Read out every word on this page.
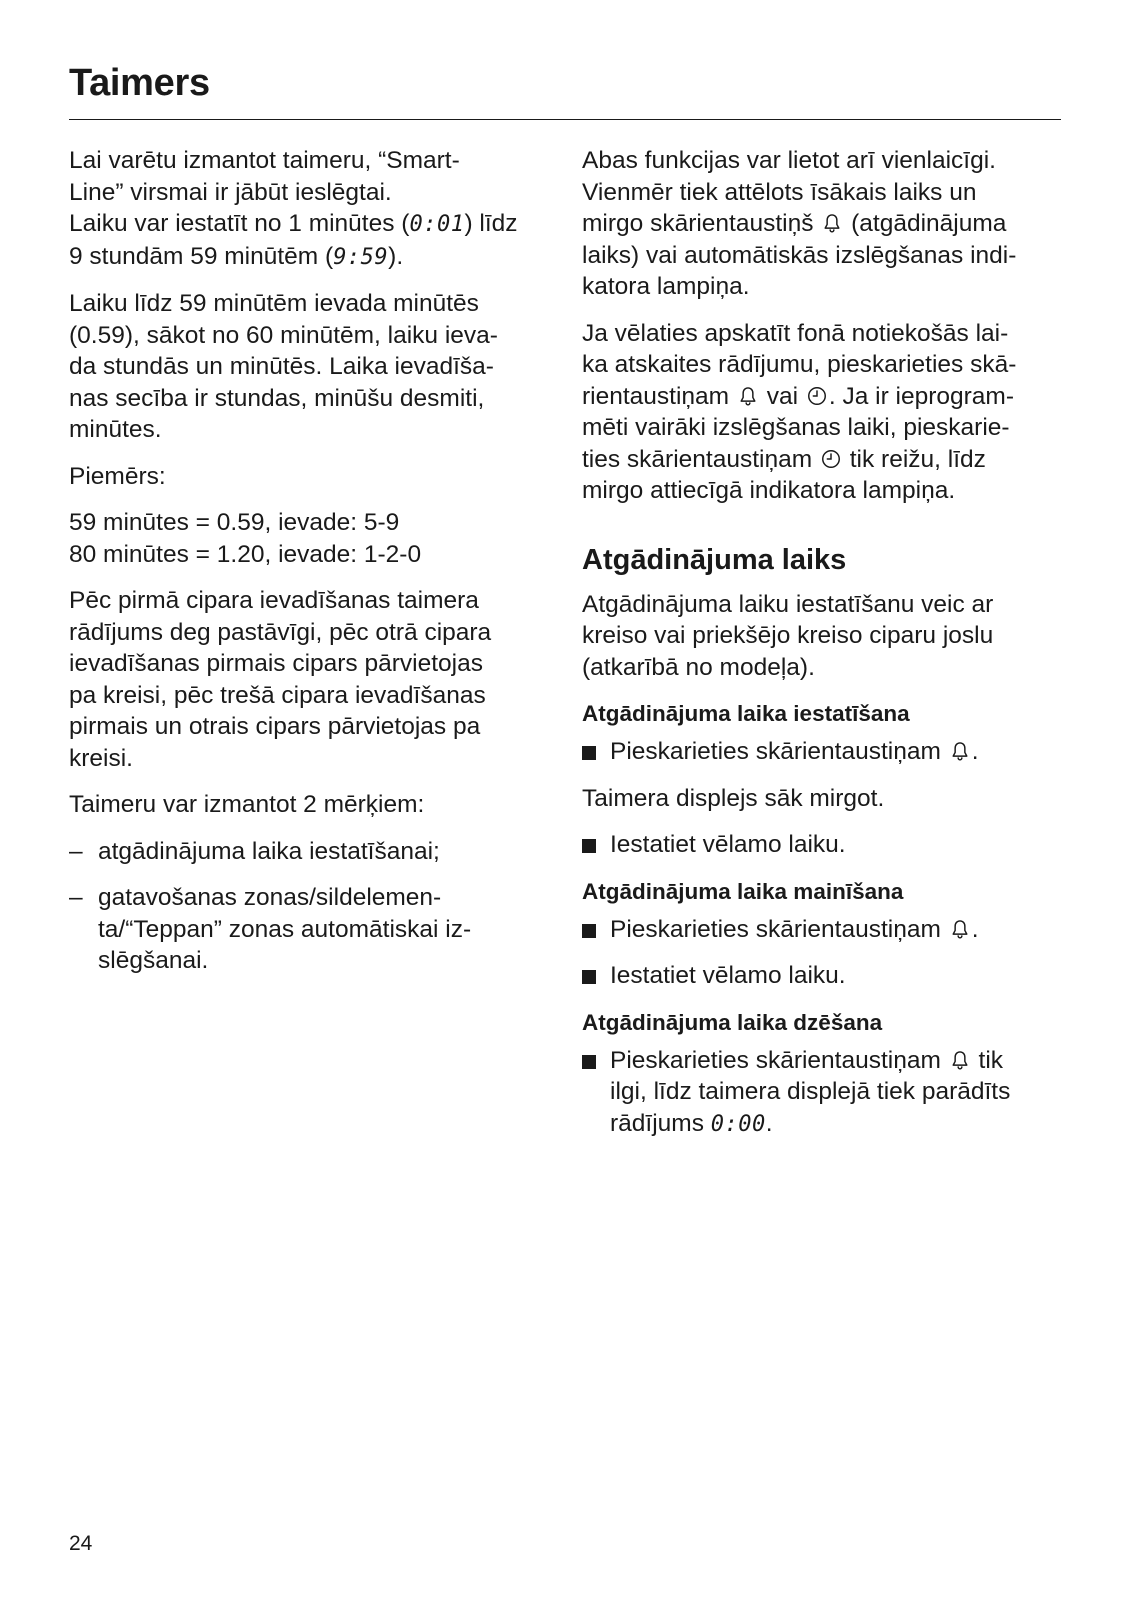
Taimers

Lai varētu izmantot taimeru, “Smart-
Line” virsmai ir jābūt ieslēgtai.
Laiku var iestatīt no 1 minūtes (0:01) līdz
9 stundām 59 minūtēm (9:59).

Laiku līdz 59 minūtēm ievada minūtēs
(0.59), sākot no 60 minūtēm, laiku ieva-
da stundās un minūtēs. Laika ievadīša-
nas secība ir stundas, minūšu desmiti,
minūtes.

Piemērs:

59 minūtes = 0.59, ievade: 5-9
80 minūtes = 1.20, ievade: 1-2-0

Pēc pirmā cipara ievadīšanas taimera
rādījums deg pastāvīgi, pēc otrā cipara
ievadīšanas pirmais cipars pārvietojas
pa kreisi, pēc trešā cipara ievadīšanas
pirmais un otrais cipars pārvietojas pa
kreisi.

Taimeru var izmantot 2 mērķiem:

– atgādinājuma laika iestatīšanai;
– gatavošanas zonas/sildelemen-
ta/“Teppan” zonas automātiskai iz-
slēgšanai.

Abas funkcijas var lietot arī vienlaicīgi.
Vienmēr tiek attēlots īsākais laiks un
mirgo skārientaustiņš
(atgādinājuma
laiks) vai automātiskās izslēgšanas indi-
katora lampiņa.

Ja vēlaties apskatīt fonā notiekošās lai-
ka atskaites rādījumu, pieskarieties skā-
rientaustiņam
vai
. Ja ir ieprogram-
mēti vairāki izslēgšanas laiki, pieskarie-
ties skārientaustiņam
tik reižu, līdz
mirgo attiecīgā indikatora lampiņa.

Atgādinājuma laiks

Atgādinājuma laiku iestatīšanu veic ar
kreiso vai priekšējo kreiso ciparu joslu
(atkarībā no modeļa).

Atgādinājuma laika iestatīšana
Pieskarieties skārientaustiņam
.

Taimera displejs sāk mirgot.

Iestatiet vēlamo laiku.
Atgādinājuma laika mainīšana
Pieskarieties skārientaustiņam
.
Iestatiet vēlamo laiku.
Atgādinājuma laika dzēšana
Pieskarieties skārientaustiņam
tik
ilgi, līdz taimera displejā tiek parādīts
rādījums 0:00.
24
